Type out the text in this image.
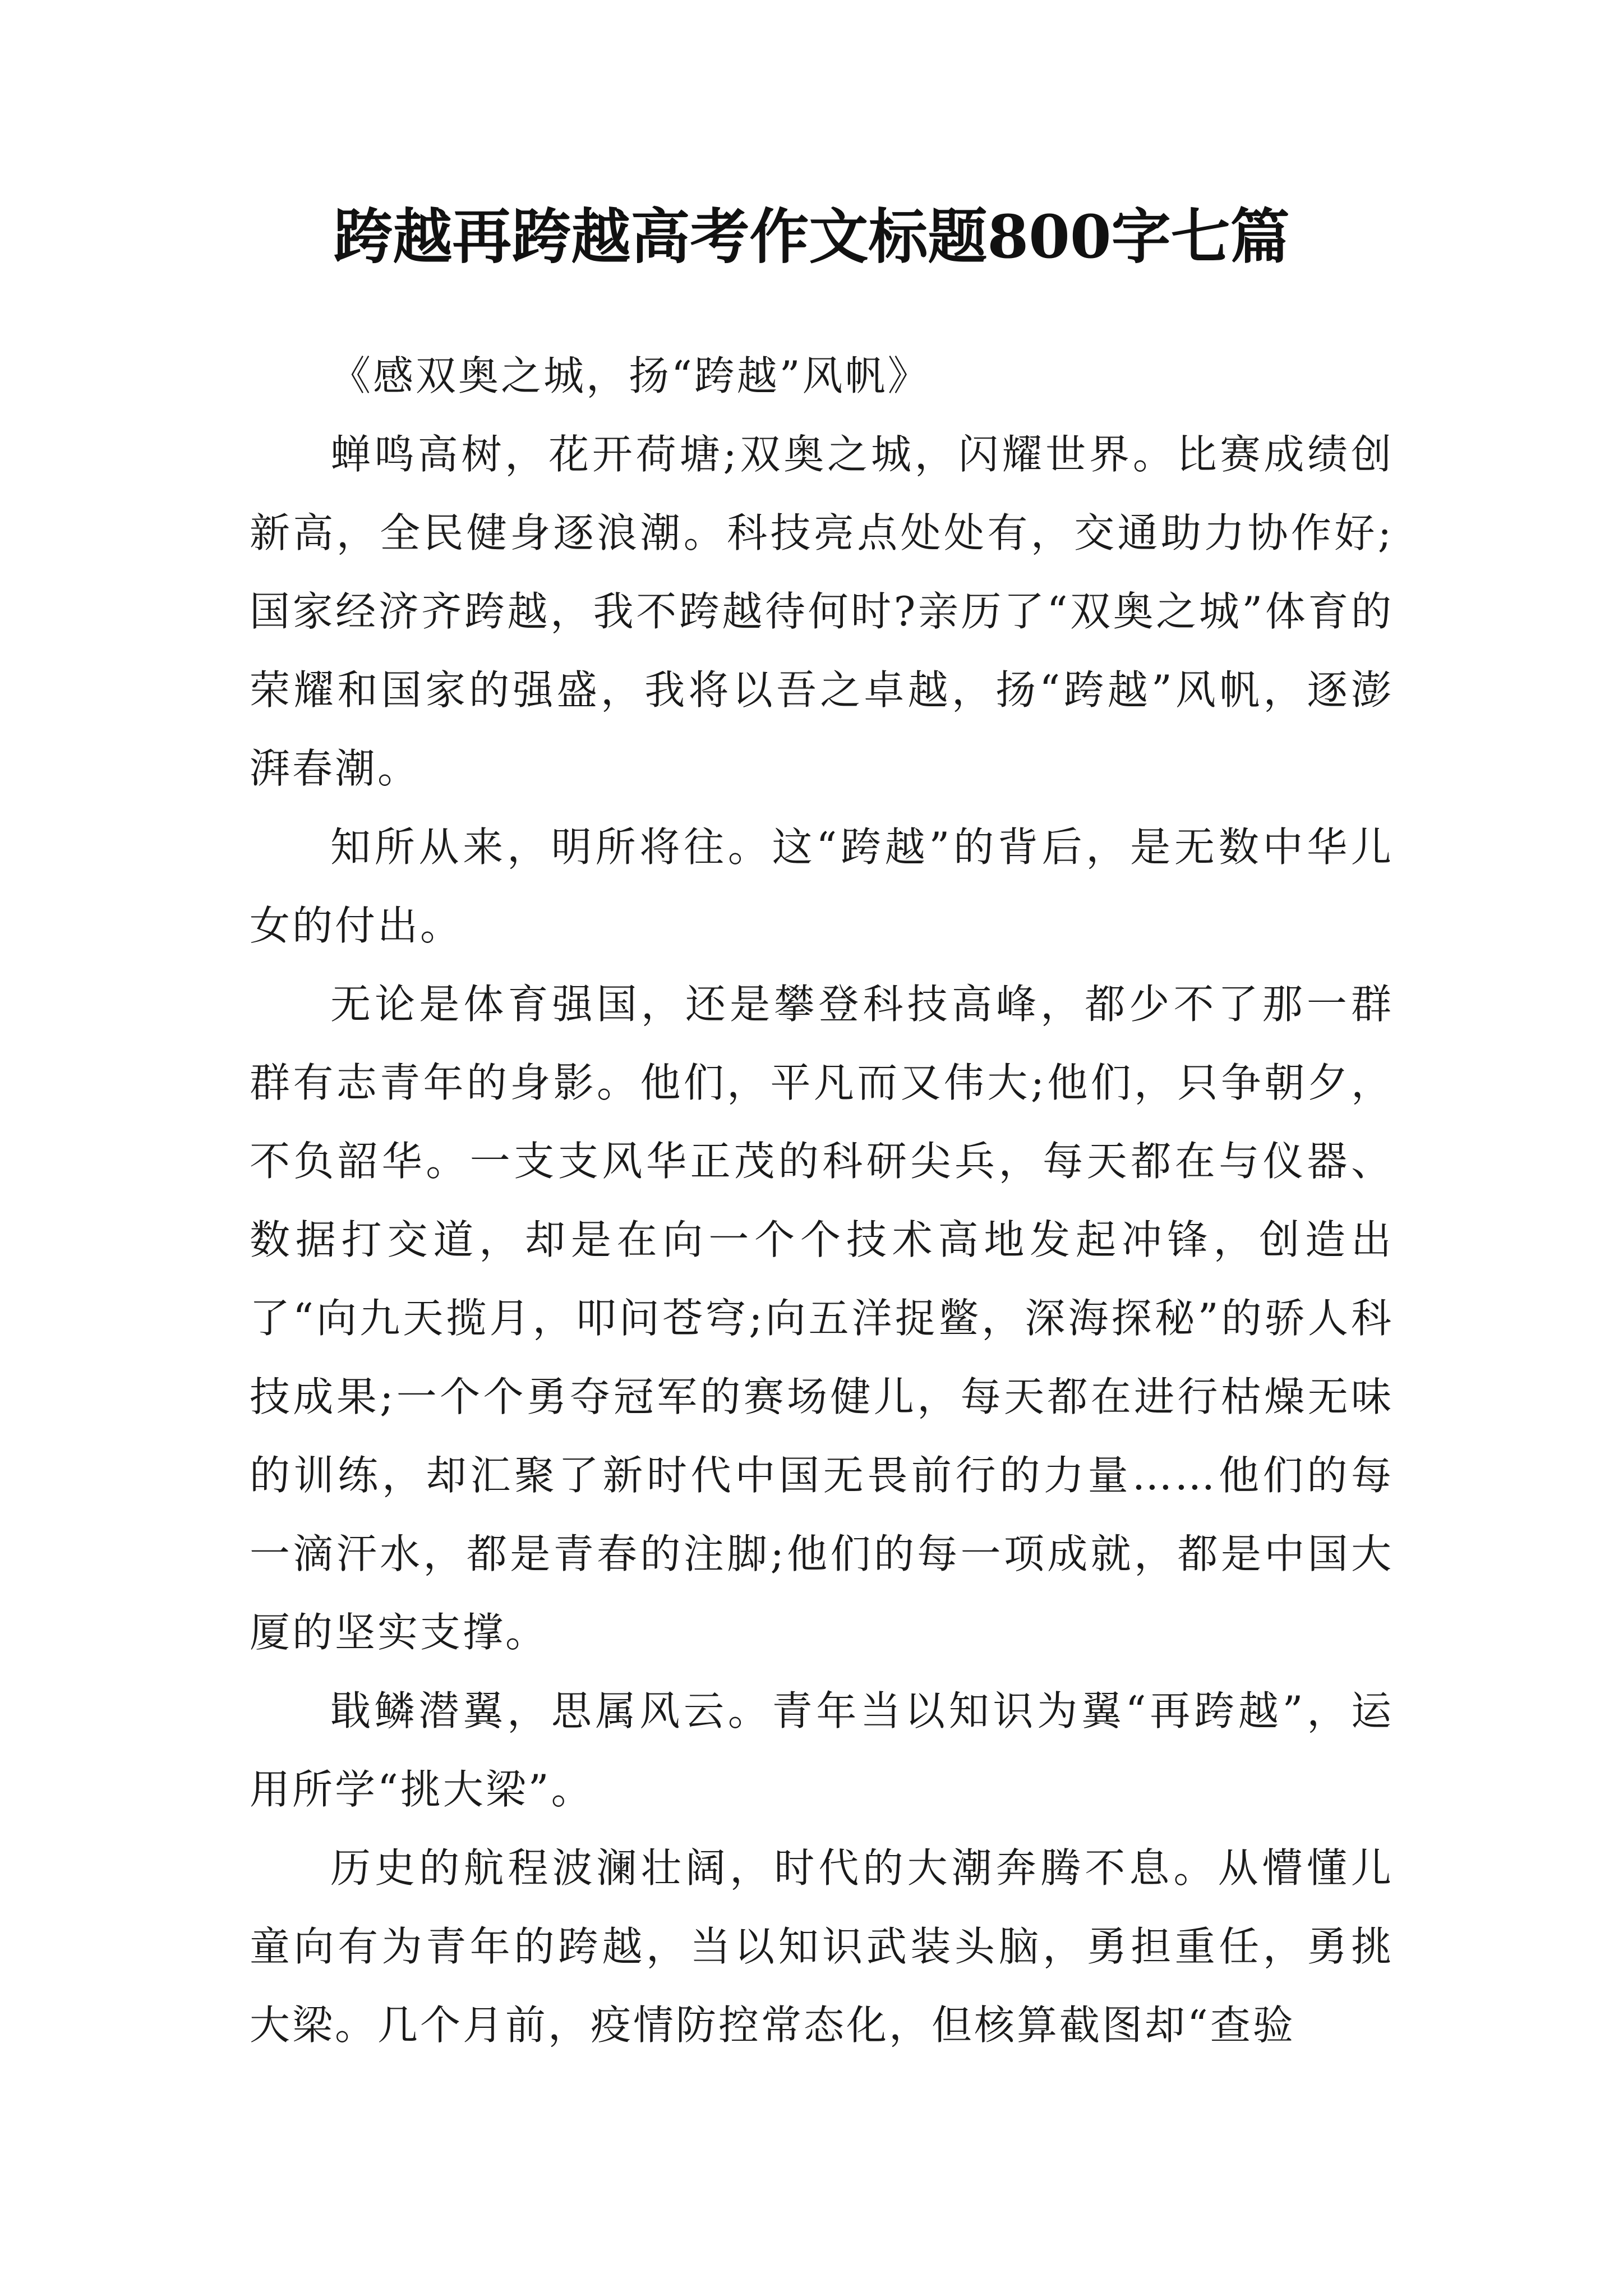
跨越再跨越高考作文标题800字七篇

《感双奥之城，扬“跨越”风帆》

蝉鸣高树，花开荷塘;双奥之城，闪耀世界。比赛成绩创新高，全民健身逐浪潮。科技亮点处处有，交通助力协作好;国家经济齐跨越，我不跨越待何时?亲历了“双奥之城”体育的荣耀和国家的强盛，我将以吾之卓越，扬“跨越”风帆，逐澎湃春潮。

知所从来，明所将往。这“跨越”的背后，是无数中华儿女的付出。

无论是体育强国，还是攀登科技高峰，都少不了那一群群有志青年的身影。他们，平凡而又伟大;他们，只争朝夕，不负韶华。一支支风华正茂的科研尖兵，每天都在与仪器、数据打交道，却是在向一个个技术高地发起冲锋，创造出了“向九天揽月，叩问苍穹;向五洋捉鳖，深海探秘”的骄人科技成果;一个个勇夺冠军的赛场健儿，每天都在进行枯燥无味的训练，却汇聚了新时代中国无畏前行的力量……他们的每一滴汗水，都是青春的注脚;他们的每一项成就，都是中国大厦的坚实支撑。

戢鳞潜翼，思属风云。青年当以知识为翼“再跨越”，运用所学“挑大梁”。

历史的航程波澜壮阔，时代的大潮奔腾不息。从懵懂儿童向有为青年的跨越，当以知识武装头脑，勇担重任，勇挑大梁。几个月前，疫情防控常态化，但核算截图却“查验
